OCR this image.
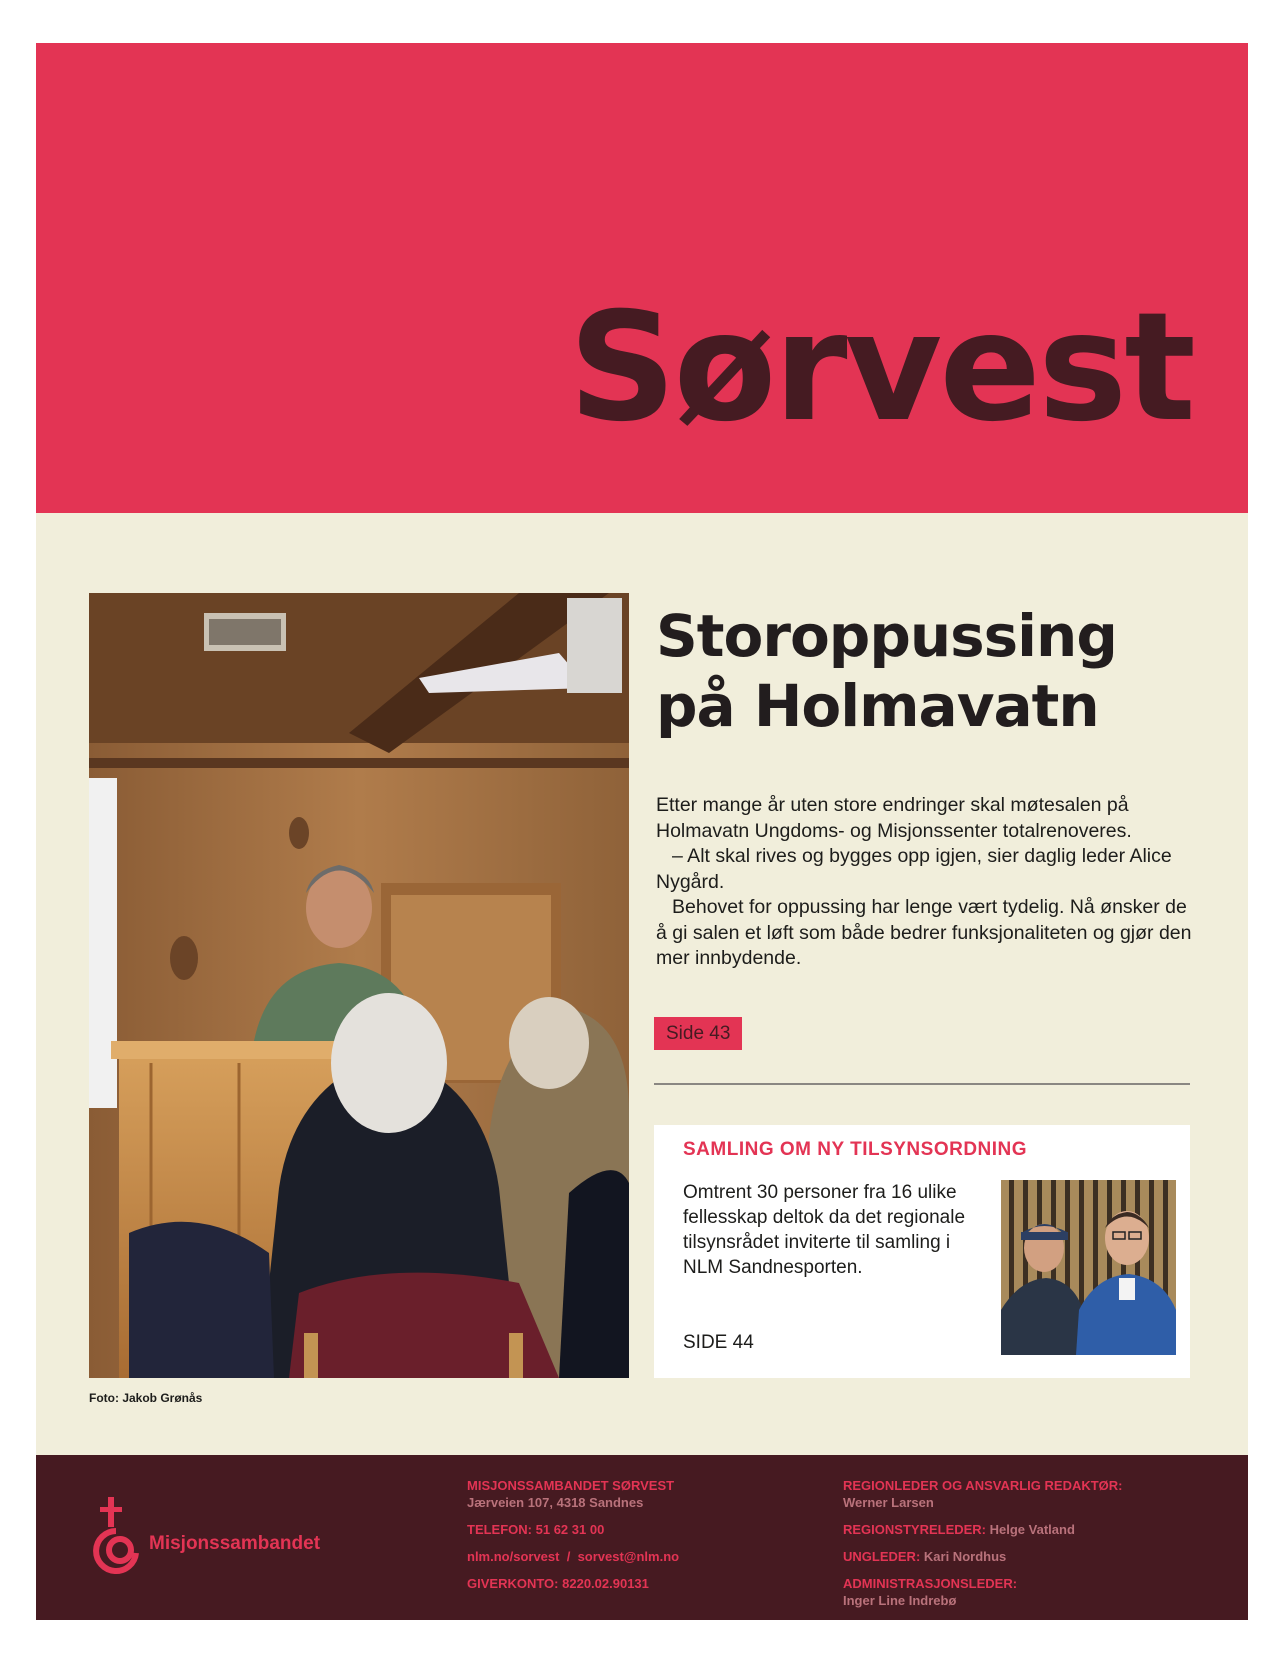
Sørvest
Foto: Jakob Grønås
Storoppussing
på Holmavatn

Etter mange år uten store endringer skal møtesalen på Holmavatn Ungdoms- og Misjonssenter totalrenoveres.

– Alt skal rives og bygges opp igjen, sier daglig leder Alice Nygård.

Behovet for oppussing har lenge vært tydelig. Nå ønsker de å gi salen et løft som både bedrer funksjonaliteten og gjør den mer innbydende.

Side 43
SAMLING OM NY TILSYNSORDNING
Omtrent 30 personer fra 16 ulike fellesskap deltok da det regionale tilsynsrådet inviterte til samling i NLM Sandnesporten.
SIDE 44
Misjonssambandet
MISJONSSAMBANDET SØRVEST
Jærveien 107, 4318 Sandnes
TELEFON: 51 62 31 00
nlm.no/sorvest / sorvest@nlm.no
GIVERKONTO: 8220.02.90131
REGIONLEDER OG ANSVARLIG REDAKTØR:
Werner Larsen
REGIONSTYRELEDER: Helge Vatland
UNGLEDER: Kari Nordhus
ADMINISTRASJONSLEDER:
Inger Line Indrebø
